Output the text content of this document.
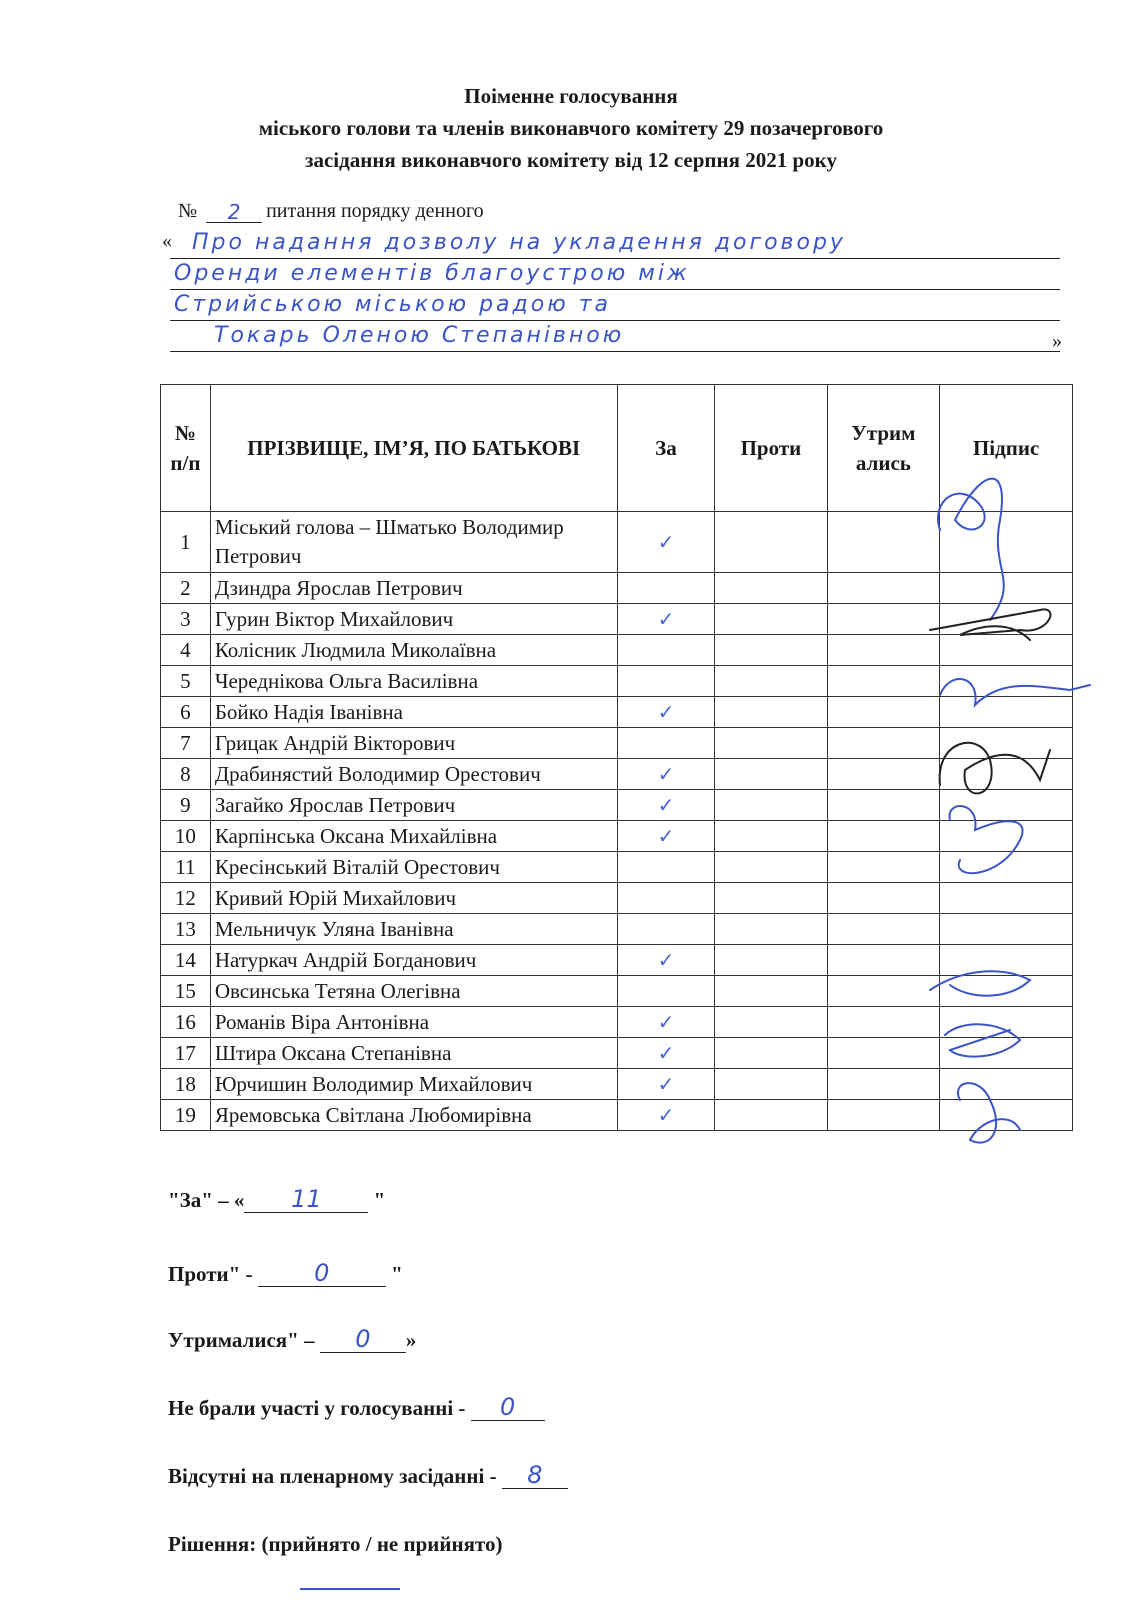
Поіменне голосування
міського голови та членів виконавчого комітету 29 позачергового
засідання виконавчого комітету від 12 серпня 2021 року
№ 2 питання порядку денного
« Про надання дозволу на укладення договору
Оренди елементів благоустрою між
Стрийською міською радою та
Токарь Оленою Степанівною	»
№ п/п	ПРІЗВИЩЕ, ІМ’Я, ПО БАТЬКОВІ	За	Проти	Утрим ались	Підпис
1	Міський голова – Шматько Володимир Петрович	✓			
2	Дзиндра Ярослав Петрович				
3	Гурин Віктор Михайлович	✓			
4	Колісник Людмила Миколаївна				
5	Череднікова Ольга Василівна				
6	Бойко Надія Іванівна	✓			
7	Грицак Андрій Вікторович				
8	Драбинястий Володимир Орестович	✓			
9	Загайко Ярослав Петрович	✓			
10	Карпінська Оксана Михайлівна	✓			
11	Кресінський Віталій Орестович				
12	Кривий Юрій Михайлович				
13	Мельничук Уляна Іванівна				
14	Натуркач Андрій Богданович	✓			
15	Овсинська Тетяна Олегівна				
16	Романів Віра Антонівна	✓			
17	Штира Оксана Степанівна	✓			
18	Юрчишин Володимир Михайлович	✓			
19	Яремовська Світлана Любомирівна	✓			
"За" – « 11 "
Проти" - 0	"
Утрималися" – 0 »
Не брали участі у голосуванні - 0
Відсутні на пленарному засіданні - 8
Рішення: (прийнято / не прийнято)
